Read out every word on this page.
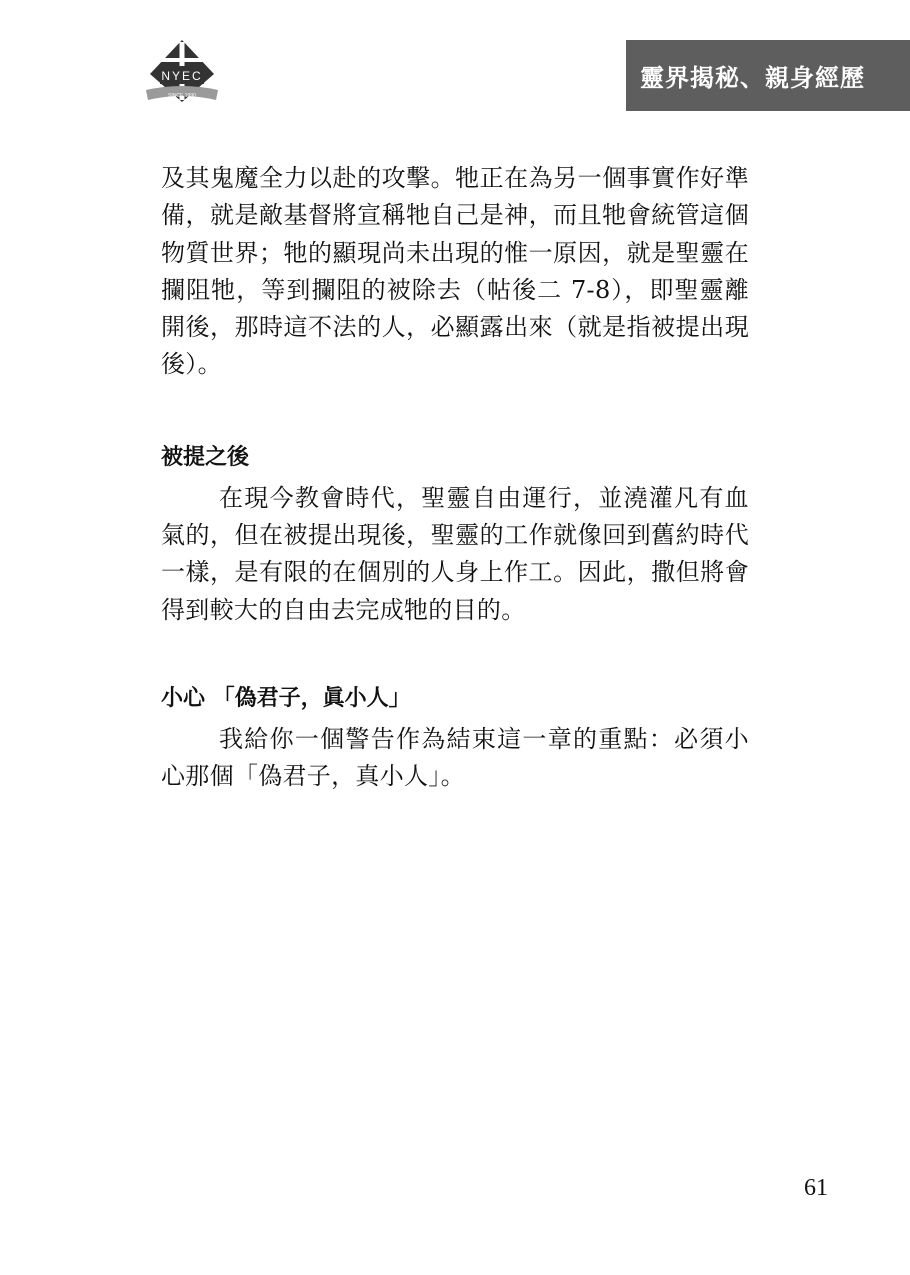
NYEC
SINCE 1990
靈界揭秘、親身經歷

及其鬼魔全力以赴的攻擊。牠正在為另一個事實作好準備，就是敵基督將宣稱牠自己是神，而且牠會統管這個物質世界；牠的顯現尚未出現的惟一原因，就是聖靈在攔阻牠，等到攔阻的被除去（帖後二 7-8），即聖靈離開後，那時這不法的人，必顯露出來（就是指被提出現後）。

被提之後

在現今教會時代，聖靈自由運行，並澆灌凡有血氣的，但在被提出現後，聖靈的工作就像回到舊約時代一樣，是有限的在個別的人身上作工。因此，撒但將會得到較大的自由去完成牠的目的。

小心 「偽君子，眞小人」

我給你一個警告作為結束這一章的重點：必須小心那個「偽君子，真小人」。

61
